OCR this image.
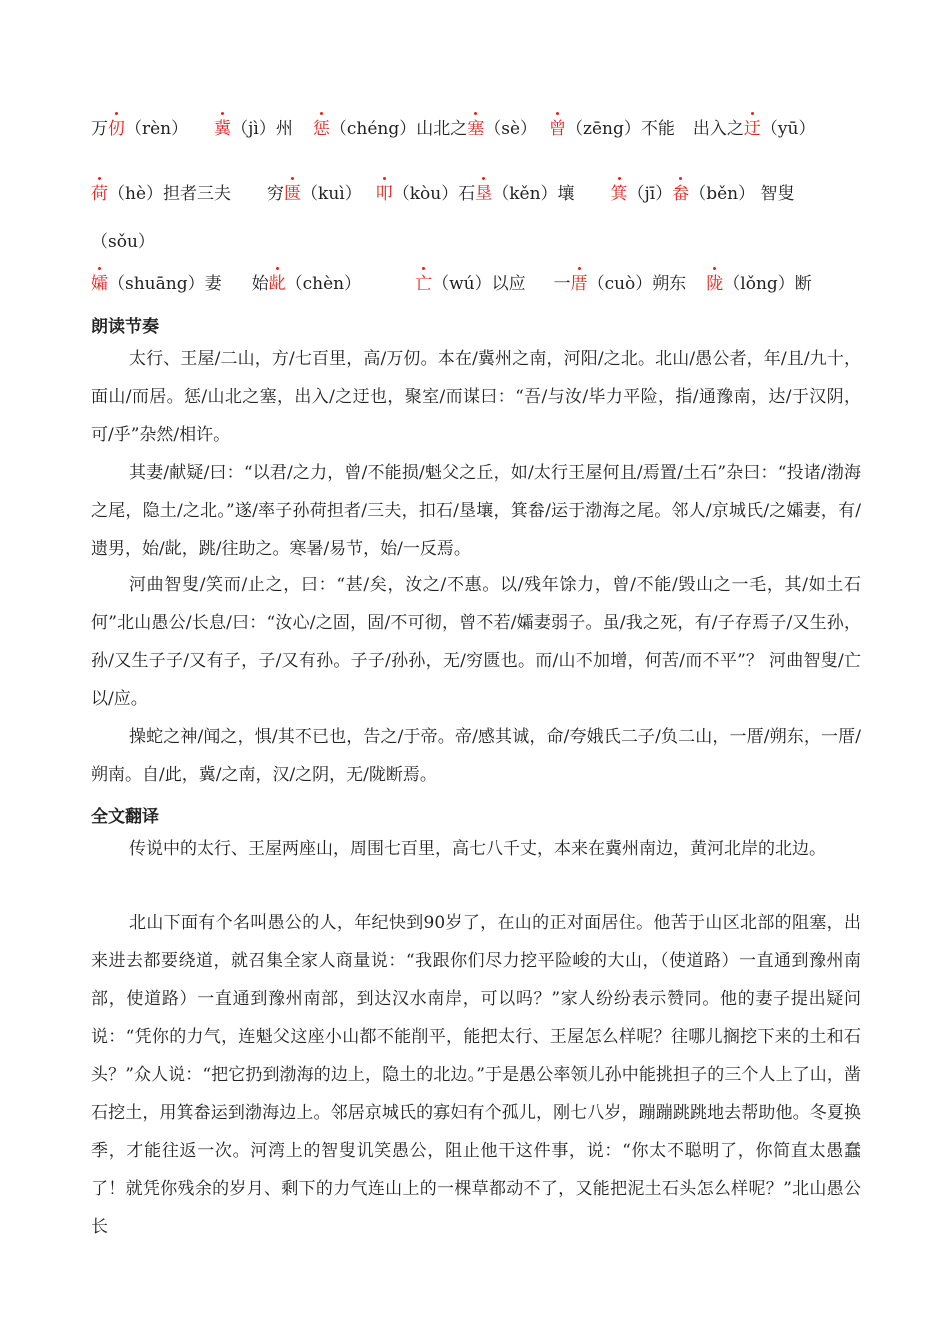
万仞（rèn） 冀（jì）州 惩（chéng）山北之塞（sè） 曾（zēng）不能 出入之迂（yū）
荷（hè）担者三夫 穷匮（kuì） 叩（kòu）石垦（kěn）壤 箕（jī）畚（běn） 智叟
（sǒu）
孀（shuāng）妻 始龀（chèn）	亡（wú）以应 一厝（cuò）朔东 陇（lǒng）断
朗读节奏

太行、王屋/二山，方/七百里，高/万仞。本在/冀州之南，河阳/之北。北山/愚公者，年/且/九十，面山/而居。惩/山北之塞，出入/之迂也，聚室/而谋曰：“吾/与汝/毕力平险，指/通豫南，达/于汉阴，可/乎”杂然/相许。

其妻/献疑/曰：“以君/之力，曾/不能损/魁父之丘，如/太行王屋何且/焉置/土石”杂曰：“投诸/渤海之尾，隐土/之北。”遂/率子孙荷担者/三夫，扣石/垦壤，箕畚/运于渤海之尾。邻人/京城氏/之孀妻，有/遗男，始/龀，跳/往助之。寒暑/易节，始/一反焉。

河曲智叟/笑而/止之，曰：“甚/矣，汝之/不惠。以/残年馀力，曾/不能/毁山之一毛，其/如土石何”北山愚公/长息/曰：“汝心/之固，固/不可彻，曾不若/孀妻弱子。虽/我之死，有/子存焉子/又生孙，孙/又生子子/又有子，子/又有孙。子子/孙孙，无/穷匮也。而/山不加增，何苦/而不平”？ 河曲智叟/亡以/应。

操蛇之神/闻之，惧/其不已也，告之/于帝。帝/感其诚，命/夸娥氏二子/负二山，一厝/朔东，一厝/朔南。自/此，冀/之南，汉/之阴，无/陇断焉。

全文翻译

传说中的太行、王屋两座山，周围七百里，高七八千丈，本来在冀州南边，黄河北岸的北边。

北山下面有个名叫愚公的人，年纪快到90岁了，在山的正对面居住。他苦于山区北部的阻塞，出来进去都要绕道，就召集全家人商量说：“我跟你们尽力挖平险峻的大山，（使道路）一直通到豫州南部，使道路）一直通到豫州南部，到达汉水南岸，可以吗？”家人纷纷表示赞同。他的妻子提出疑问说：“凭你的力气，连魁父这座小山都不能削平，能把太行、王屋怎么样呢？往哪儿搁挖下来的土和石头？”众人说：“把它扔到渤海的边上，隐土的北边。”于是愚公率领儿孙中能挑担子的三个人上了山，凿石挖土，用箕畚运到渤海边上。邻居京城氏的寡妇有个孤儿，刚七八岁，蹦蹦跳跳地去帮助他。冬夏换季，才能往返一次。河湾上的智叟讥笑愚公，阻止他干这件事，说：“你太不聪明了，你简直太愚蠢了！就凭你残余的岁月、剩下的力气连山上的一棵草都动不了，又能把泥土石头怎么样呢？”北山愚公长
